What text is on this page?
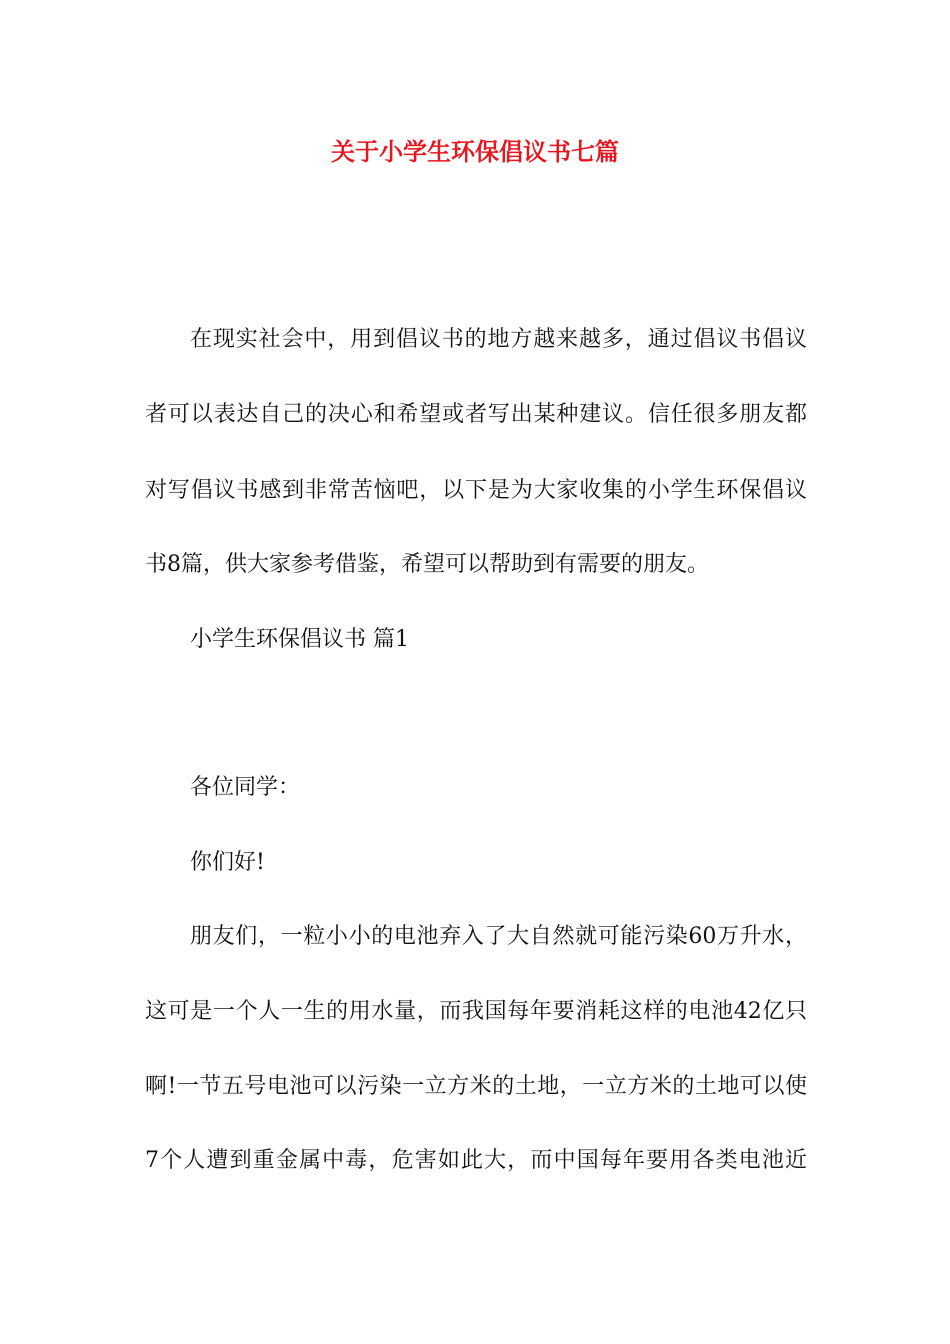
关于小学生环保倡议书七篇
在现实社会中，用到倡议书的地方越来越多，通过倡议书倡议
者可以表达自己的决心和希望或者写出某种建议。信任很多朋友都
对写倡议书感到非常苦恼吧，以下是为大家收集的小学生环保倡议
书8篇，供大家参考借鉴，希望可以帮助到有需要的朋友。
小学生环保倡议书 篇1
各位同学：
你们好!
朋友们，一粒小小的电池弃入了大自然就可能污染60万升水，
这可是一个人一生的用水量，而我国每年要消耗这样的电池42亿只
啊!一节五号电池可以污染一立方米的土地，一立方米的土地可以使
7个人遭到重金属中毒，危害如此大，而中国每年要用各类电池近
